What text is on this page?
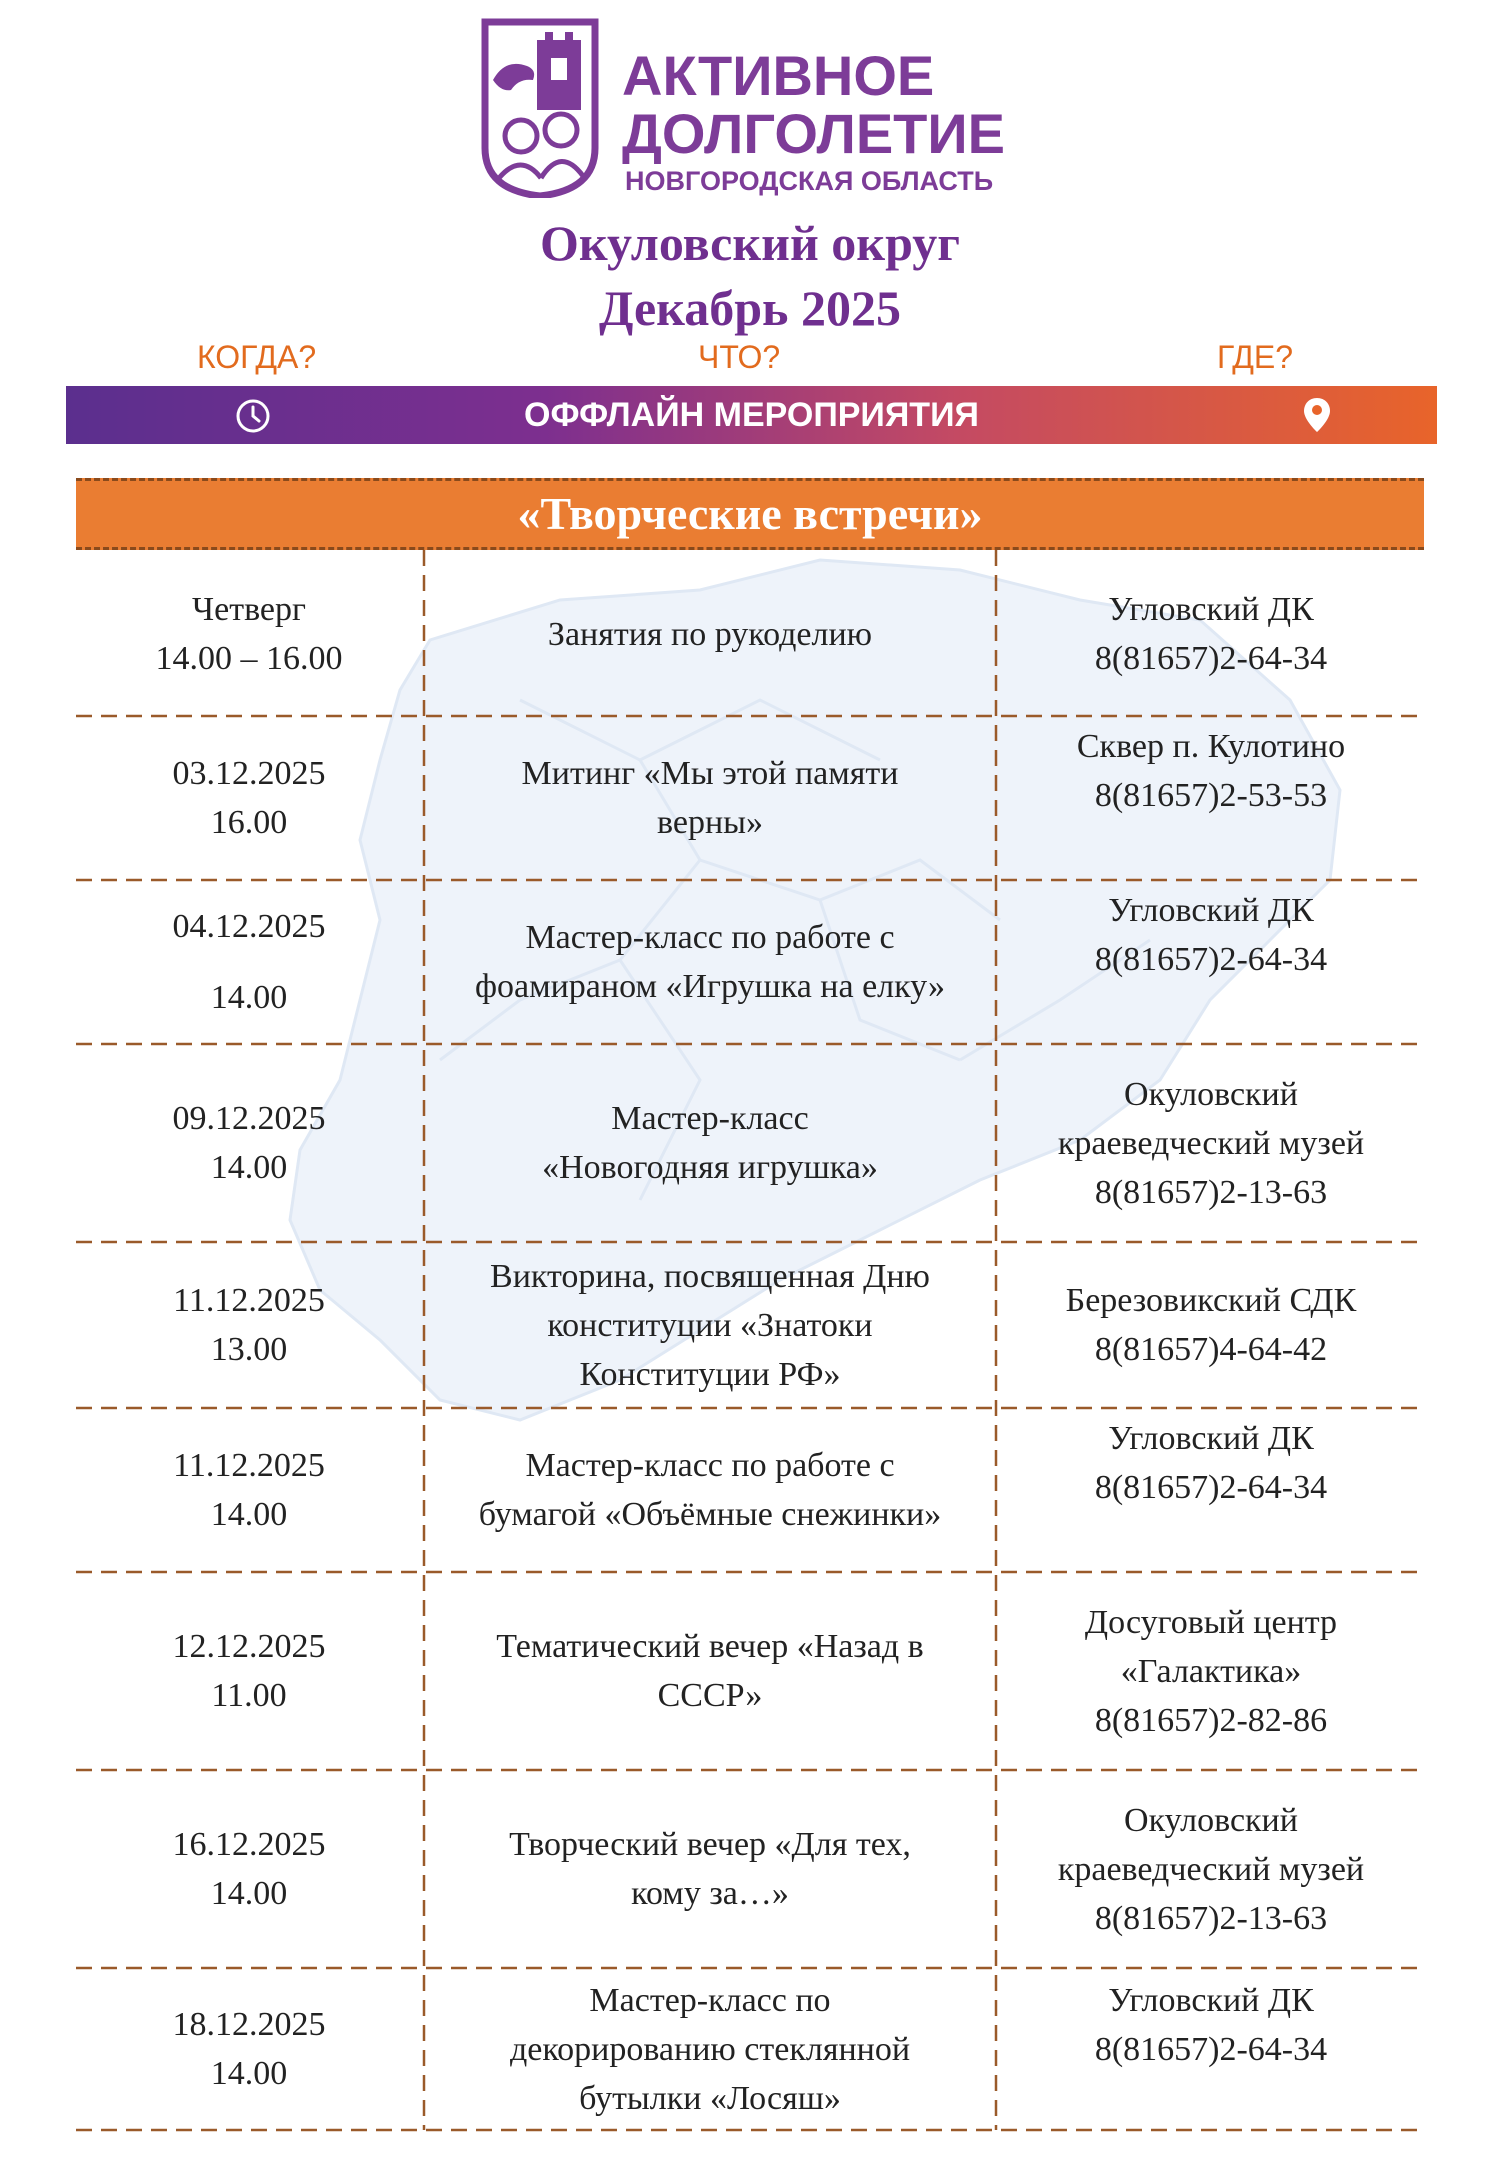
АКТИВНОЕ
ДОЛГОЛЕТИЕ
НОВГОРОДСКАЯ ОБЛАСТЬ
Окуловский округ
Декабрь 2025
КОГДА?	ЧТО?	ГДЕ?
ОФФЛАЙН МЕРОПРИЯТИЯ
«Творческие встречи»
Четверг
14.00 – 16.00
Занятия по рукоделию
Угловский ДК
8(81657)2-64-34
03.12.2025
16.00
Митинг «Мы этой памяти
верны»
Сквер п. Кулотино
8(81657)2-53-53
04.12.2025
14.00
Мастер-класс по работе с
фоамираном «Игрушка на елку»
Угловский ДК
8(81657)2-64-34
09.12.2025
14.00
Мастер-класс
«Новогодняя игрушка»
Окуловский
краеведческий музей
8(81657)2-13-63
11.12.2025
13.00
Викторина, посвященная Дню
конституции «Знатоки
Конституции РФ»
Березовикский СДК
8(81657)4-64-42
11.12.2025
14.00
Мастер-класс по работе с
бумагой «Объёмные снежинки»
Угловский ДК
8(81657)2-64-34
12.12.2025
11.00
Тематический вечер «Назад в
СССР»
Досуговый центр
«Галактика»
8(81657)2-82-86
16.12.2025
14.00
Творческий вечер «Для тех,
кому за…»
Окуловский
краеведческий музей
8(81657)2-13-63
18.12.2025
14.00
Мастер-класс по
декорированию стеклянной
бутылки «Лосяш»
Угловский ДК
8(81657)2-64-34
